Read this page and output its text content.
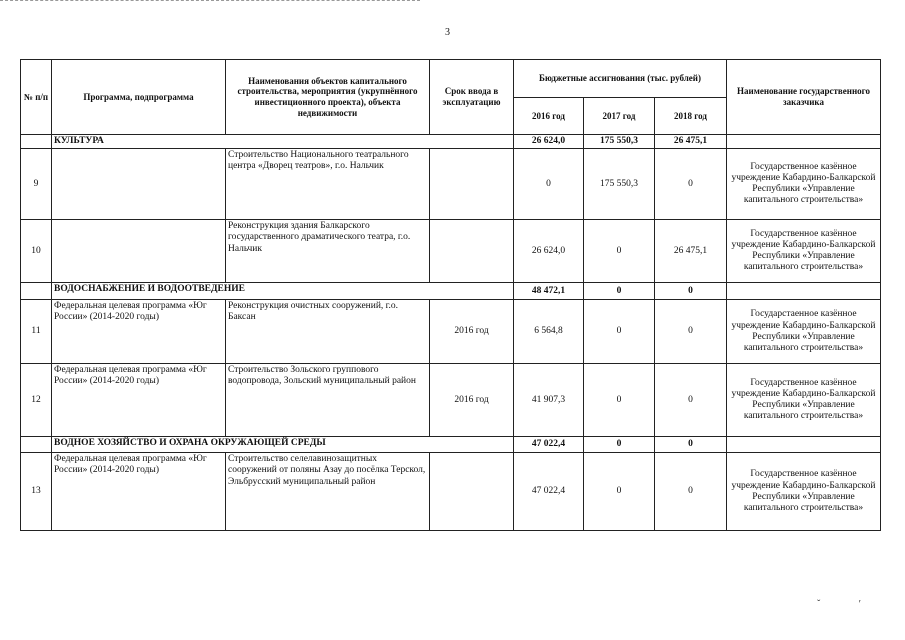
3
№ п/п	Программа, подпрограмма	Наименования объектов капитального строительства, мероприятия (укрупнённого инвестиционного проекта), объекта недвижимости	Срок ввода в эксплуатацию	Бюджетные ассигнования (тыс. рублей)			Наименование государственного заказчика
				2016 год	2017 год	2018 год	
	КУЛЬТУРА			26 624,0	175 550,3	26 475,1	
9		Строительство Национального театрального центра «Дворец театров», г.о. Нальчик		0	175 550,3	0	Государственное казённое учреждение Кабардино-Балкарской Республики «Управление капитального строительства»
10		Реконструкция здания Балкарского государственного драматического театра, г.о. Нальчик		26 624,0	0	26 475,1	Государственное казённое учреждение Кабардино-Балкарской Республики «Управление капитального строительства»
	ВОДОСНАБЖЕНИЕ И ВОДООТВЕДЕНИЕ			48 472,1	0	0	
11	Федеральная целевая программа «Юг России» (2014-2020 годы)	Реконструкция очистных сооружений, г.о. Баксан	2016 год	6 564,8	0	0	Государстаенное казённое учреждение Кабардино-Балкарской Республики «Управление капитального строительства»
12	Федеральная целевая программа «Юг России» (2014-2020 годы)	Строительство Зольского группового водопровода, Зольский муниципальный район	2016 год	41 907,3	0	0	Государственное казённое учреждение Кабардино-Балкарской Республики «Управление капитального строительства»
	ВОДНОЕ ХОЗЯЙСТВО И ОХРАНА ОКРУЖАЮЩЕЙ СРЕДЫ			47 022,4	0	0	
13	Федеральная целевая программа «Юг России» (2014-2020 годы)	Строительство селелавинозащитных сооружений от поляны Азау до посёлка Терскол, Эльбрусский муниципальный район		47 022,4	0	0	Государственное казённое учреждение Кабардино-Балкарской Республики «Управление капитального строительства»
ˇ ′
